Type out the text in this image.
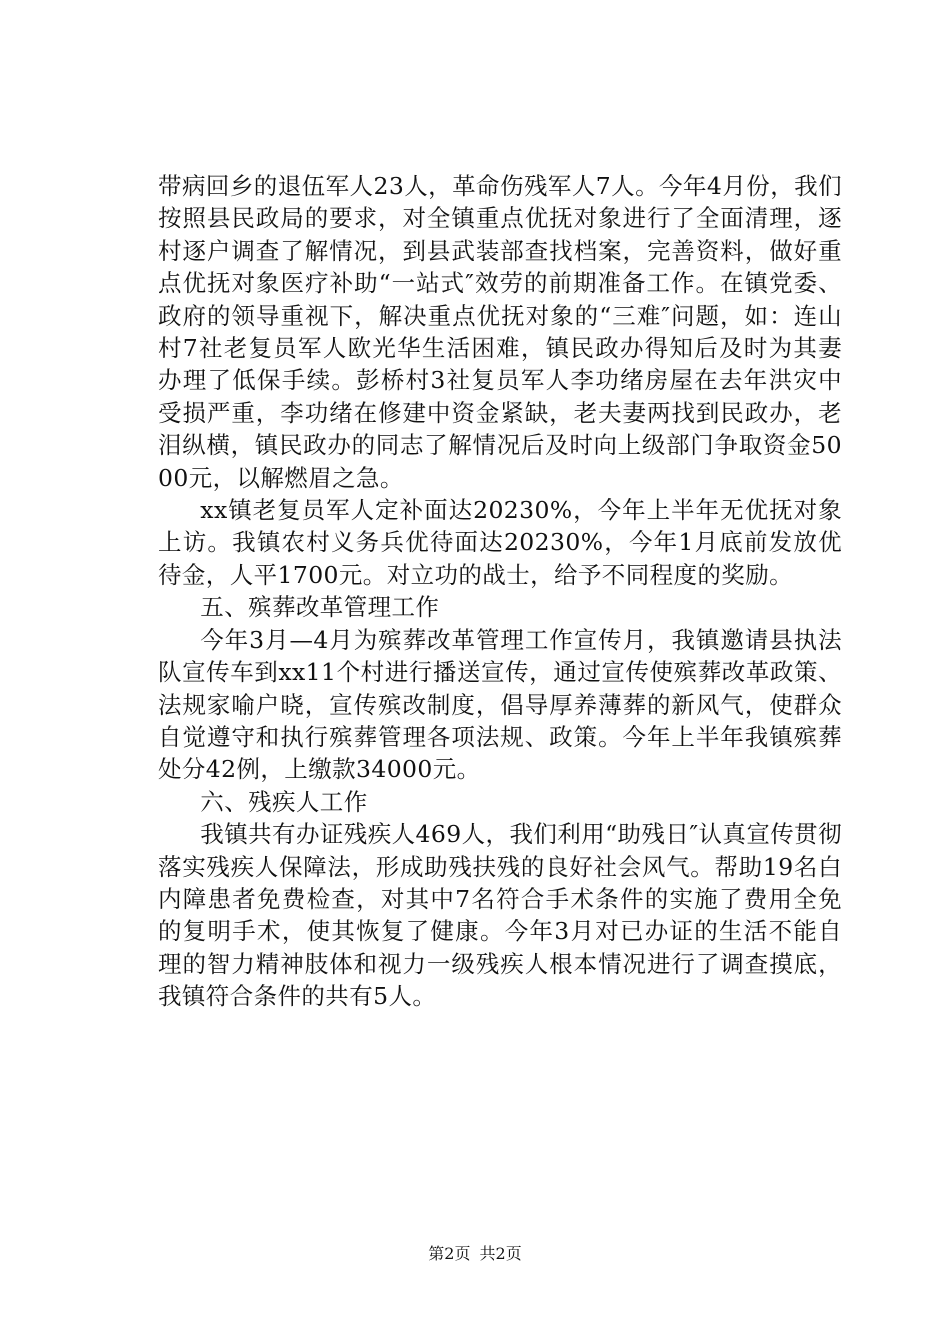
带病回乡的退伍军人23人，革命伤残军人7人。今年4月份，我们按照县民政局的要求，对全镇重点优抚对象进行了全面清理，逐村逐户调查了解情况，到县武装部查找档案，完善资料，做好重点优抚对象医疗补助“一站式″效劳的前期准备工作。在镇党委、政府的领导重视下，解决重点优抚对象的“三难″问题，如：连山村7社老复员军人欧光华生活困难，镇民政办得知后及时为其妻办理了低保手续。彭桥村3社复员军人李功绪房屋在去年洪灾中受损严重，李功绪在修建中资金紧缺，老夫妻两找到民政办，老泪纵横，镇民政办的同志了解情况后及时向上级部门争取资金5000元，以解燃眉之急。

xx镇老复员军人定补面达20230%，今年上半年无优抚对象上访。我镇农村义务兵优待面达20230%，今年1月底前发放优待金，人平1700元。对立功的战士，给予不同程度的奖励。

五、殡葬改革管理工作

今年3月—4月为殡葬改革管理工作宣传月，我镇邀请县执法队宣传车到xx11个村进行播送宣传，通过宣传使殡葬改革政策、法规家喻户晓，宣传殡改制度，倡导厚养薄葬的新风气，使群众自觉遵守和执行殡葬管理各项法规、政策。今年上半年我镇殡葬处分42例，上缴款34000元。

六、残疾人工作

我镇共有办证残疾人469人，我们利用“助残日″认真宣传贯彻落实残疾人保障法，形成助残扶残的良好社会风气。帮助19名白内障患者免费检查，对其中7名符合手术条件的实施了费用全免的复明手术，使其恢复了健康。今年3月对已办证的生活不能自理的智力精神肢体和视力一级残疾人根本情况进行了调查摸底，我镇符合条件的共有5人。

第2页 共2页
